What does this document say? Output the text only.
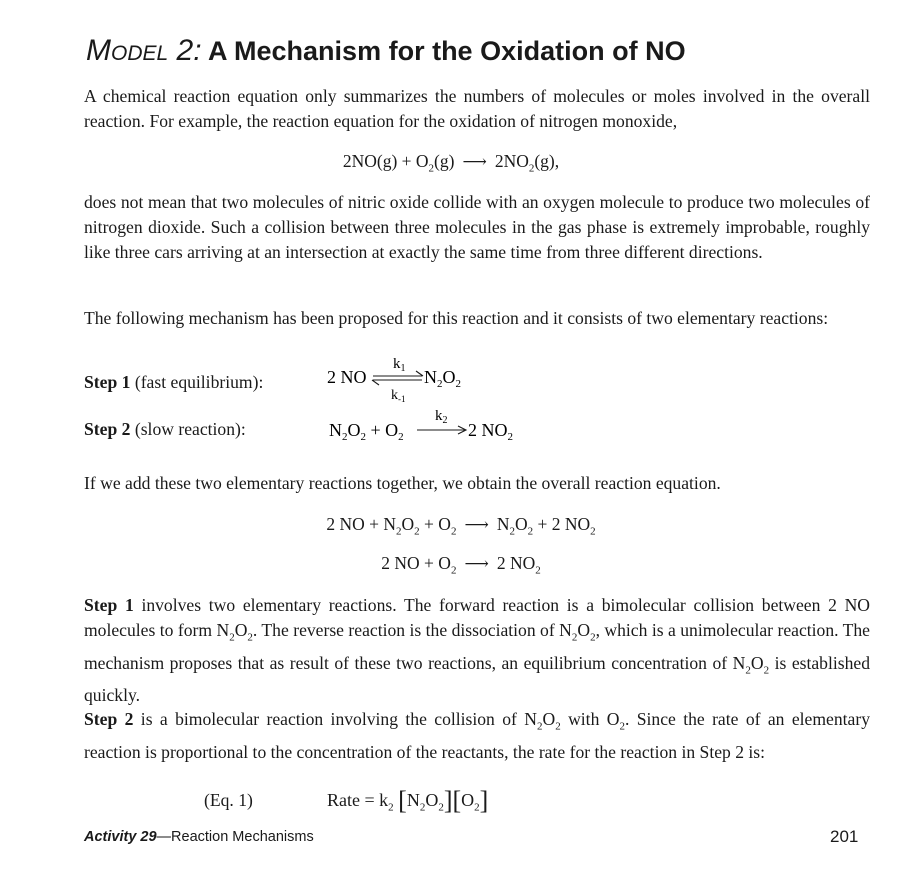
Model 2: A Mechanism for the Oxidation of NO
A chemical reaction equation only summarizes the numbers of molecules or moles involved in the overall reaction. For example, the reaction equation for the oxidation of nitrogen monoxide,
$2NO(g) + O_2(g)$ ⟶ $2NO_2(g)$,
does not mean that two molecules of nitric oxide collide with an oxygen molecule to produce two molecules of nitrogen dioxide. Such a collision between three molecules in the gas phase is extremely improbable, roughly like three cars arriving at an intersection at exactly the same time from three different directions.
The following mechanism has been proposed for this reaction and it consists of two elementary reactions:
Step 1 (fast equilibrium):	2 NO
$k_1$
$k_{-1}$
$N_2O_2$
Step 2 (slow reaction):	$N_2O_2 + O_2$
$k_2$ 2 $NO_2$
If we add these two elementary reactions together, we obtain the overall reaction equation.
2 NO + $N_2O_2 + O_2$ ⟶ $N_2O_2 + 2$ $NO_2$
2 NO + $O_2$ ⟶ 2 $NO_2$
Step 1 involves two elementary reactions. The forward reaction is a bimolecular collision between 2 NO molecules to form $N_2O_2$. The reverse reaction is the dissociation of $N_2O_2$, which is a unimolecular reaction. The mechanism proposes that as result of these two reactions, an equilibrium concentration of $N_2O_2$ is established quickly.
Step 2 is a bimolecular reaction involving the collision of $N_2O_2$ with $O_2$. Since the rate of an elementary reaction is proportional to the concentration of the reactants, the rate for the reaction in Step 2 is:
(Eq. 1)	Rate = $k_2$ $[N_2O_2][O_2]$
Activity 29—Reaction Mechanisms	201
